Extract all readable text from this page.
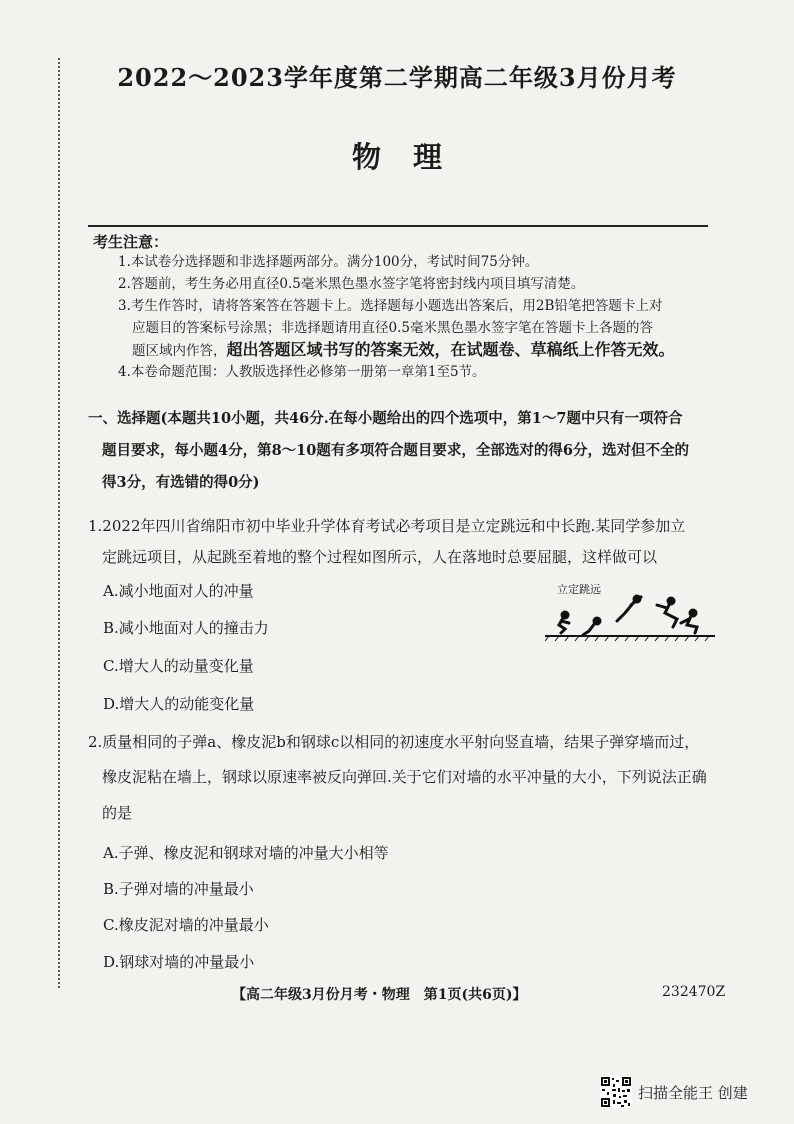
2022～2023学年度第二学期高二年级3月份月考
物理
考生注意：
1.本试卷分选择题和非选择题两部分。满分100分，考试时间75分钟。
2.答题前，考生务必用直径0.5毫米黑色墨水签字笔将密封线内项目填写清楚。
3.考生作答时，请将答案答在答题卡上。选择题每小题选出答案后，用2B铅笔把答题卡上对
应题目的答案标号涂黑；非选择题请用直径0.5毫米黑色墨水签字笔在答题卡上各题的答
题区域内作答，超出答题区域书写的答案无效，在试题卷、草稿纸上作答无效。
4.本卷命题范围：人教版选择性必修第一册第一章第1至5节。
一、选择题(本题共10小题，共46分.在每小题给出的四个选项中，第1～7题中只有一项符合
题目要求，每小题4分，第8～10题有多项符合题目要求，全部选对的得6分，选对但不全的
得3分，有选错的得0分)
1.2022年四川省绵阳市初中毕业升学体育考试必考项目是立定跳远和中长跑.某同学参加立
定跳远项目，从起跳至着地的整个过程如图所示，人在落地时总要屈腿，这样做可以
A.减小地面对人的冲量
B.减小地面对人的撞击力
C.增大人的动量变化量
D.增大人的动能变化量
立定跳远
2.质量相同的子弹a、橡皮泥b和钢球c以相同的初速度水平射向竖直墙，结果子弹穿墙而过，
橡皮泥粘在墙上，钢球以原速率被反向弹回.关于它们对墙的水平冲量的大小，下列说法正确
的是
A.子弹、橡皮泥和钢球对墙的冲量大小相等
B.子弹对墙的冲量最小
C.橡皮泥对墙的冲量最小
D.钢球对墙的冲量最小
【高二年级3月份月考・物理　第1页(共6页)】	232470Z
扫描全能王 创建
